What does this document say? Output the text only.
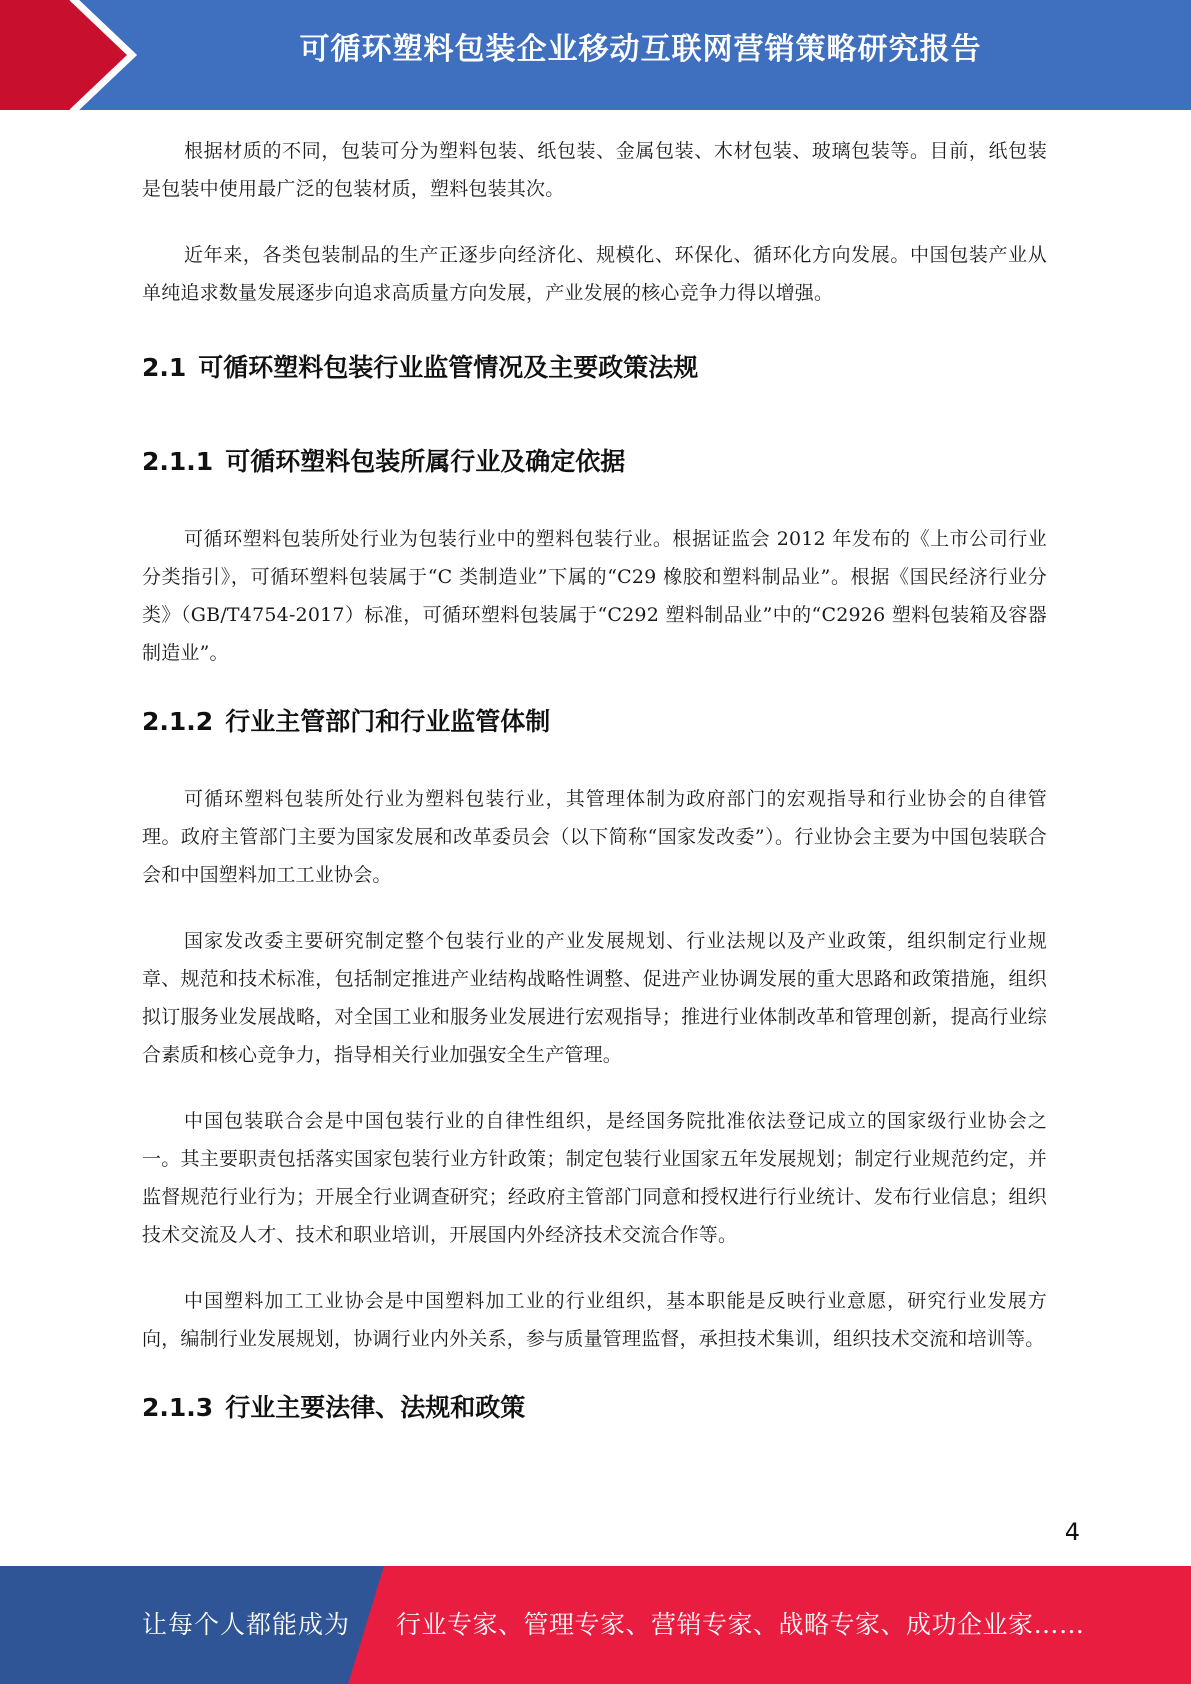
可循环塑料包装企业移动互联网营销策略研究报告

根据材质的不同，包装可分为塑料包装、纸包装、金属包装、木材包装、玻璃包装等。目前，纸包装是包装中使用最广泛的包装材质，塑料包装其次。

近年来，各类包装制品的生产正逐步向经济化、规模化、环保化、循环化方向发展。中国包装产业从单纯追求数量发展逐步向追求高质量方向发展，产业发展的核心竞争力得以增强。

2.1 可循环塑料包装行业监管情况及主要政策法规
2.1.1 可循环塑料包装所属行业及确定依据

可循环塑料包装所处行业为包装行业中的塑料包装行业。根据证监会 2012 年发布的《上市公司行业分类指引》，可循环塑料包装属于“C 类制造业”下属的“C29 橡胶和塑料制品业”。根据《国民经济行业分类》（GB/T4754-2017）标准，可循环塑料包装属于“C292 塑料制品业”中的“C2926 塑料包装箱及容器制造业”。

2.1.2 行业主管部门和行业监管体制

可循环塑料包装所处行业为塑料包装行业，其管理体制为政府部门的宏观指导和行业协会的自律管理。政府主管部门主要为国家发展和改革委员会（以下简称“国家发改委”）。行业协会主要为中国包装联合会和中国塑料加工工业协会。

国家发改委主要研究制定整个包装行业的产业发展规划、行业法规以及产业政策，组织制定行业规章、规范和技术标准，包括制定推进产业结构战略性调整、促进产业协调发展的重大思路和政策措施，组织拟订服务业发展战略，对全国工业和服务业发展进行宏观指导；推进行业体制改革和管理创新，提高行业综合素质和核心竞争力，指导相关行业加强安全生产管理。

中国包装联合会是中国包装行业的自律性组织，是经国务院批准依法登记成立的国家级行业协会之一。其主要职责包括落实国家包装行业方针政策；制定包装行业国家五年发展规划；制定行业规范约定，并监督规范行业行为；开展全行业调查研究；经政府主管部门同意和授权进行行业统计、发布行业信息；组织技术交流及人才、技术和职业培训，开展国内外经济技术交流合作等。

中国塑料加工工业协会是中国塑料加工业的行业组织，基本职能是反映行业意愿，研究行业发展方向，编制行业发展规划，协调行业内外关系，参与质量管理监督，承担技术集训，组织技术交流和培训等。

2.1.3 行业主要法律、法规和政策
4
让每个人都能成为 行业专家、管理专家、营销专家、战略专家、成功企业家……
